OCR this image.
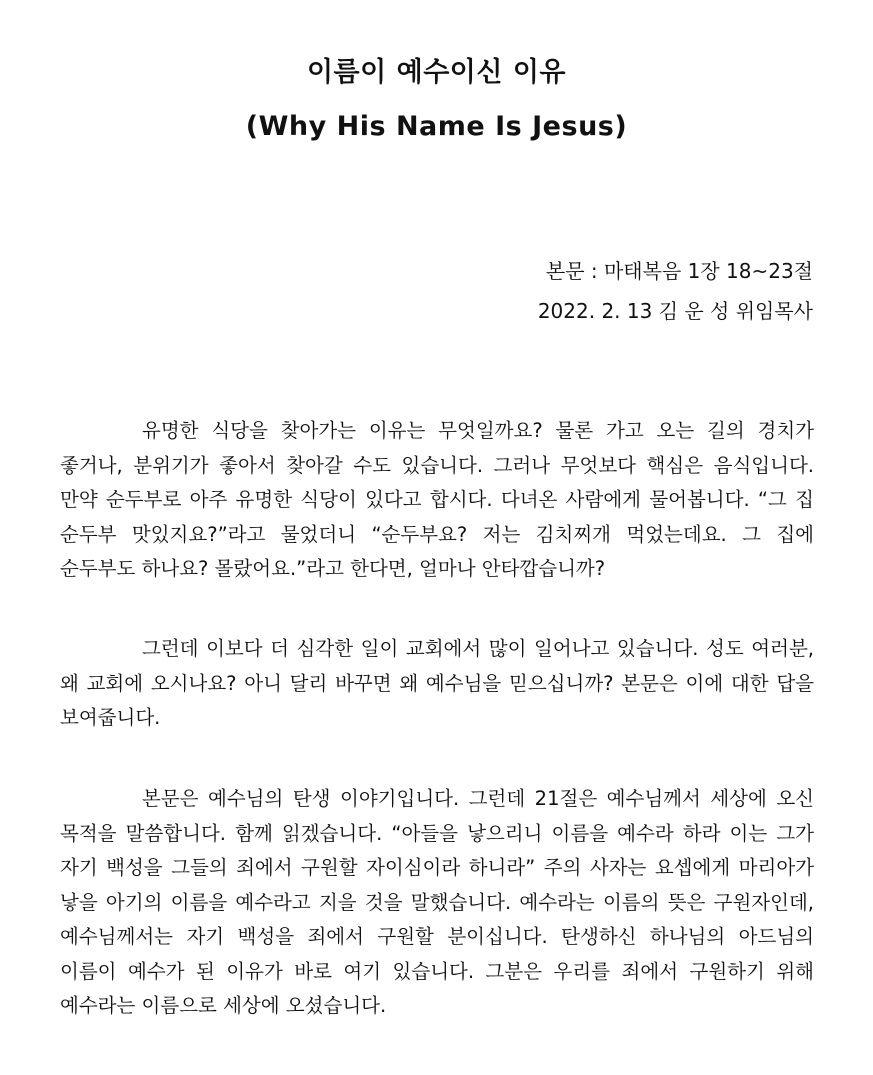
이름이 예수이신 이유
(Why His Name Is Jesus)
본문 : 마태복음 1장 18~23절
2022. 2. 13 김 운 성 위임목사

유명한 식당을 찾아가는 이유는 무엇일까요? 물론 가고 오는 길의 경치가 좋거나, 분위기가 좋아서 찾아갈 수도 있습니다. 그러나 무엇보다 핵심은 음식입니다. 만약 순두부로 아주 유명한 식당이 있다고 합시다. 다녀온 사람에게 물어봅니다. “그 집 순두부 맛있지요?”라고 물었더니 “순두부요? 저는 김치찌개 먹었는데요. 그 집에 순두부도 하나요? 몰랐어요.”라고 한다면, 얼마나 안타깝습니까?

그런데 이보다 더 심각한 일이 교회에서 많이 일어나고 있습니다. 성도 여러분, 왜 교회에 오시나요? 아니 달리 바꾸면 왜 예수님을 믿으십니까? 본문은 이에 대한 답을 보여줍니다.

본문은 예수님의 탄생 이야기입니다. 그런데 21절은 예수님께서 세상에 오신 목적을 말씀합니다. 함께 읽겠습니다. “아들을 낳으리니 이름을 예수라 하라 이는 그가 자기 백성을 그들의 죄에서 구원할 자이심이라 하니라” 주의 사자는 요셉에게 마리아가 낳을 아기의 이름을 예수라고 지을 것을 말했습니다. 예수라는 이름의 뜻은 구원자인데, 예수님께서는 자기 백성을 죄에서 구원할 분이십니다. 탄생하신 하나님의 아드님의 이름이 예수가 된 이유가 바로 여기 있습니다. 그분은 우리를 죄에서 구원하기 위해 예수라는 이름으로 세상에 오셨습니다.
